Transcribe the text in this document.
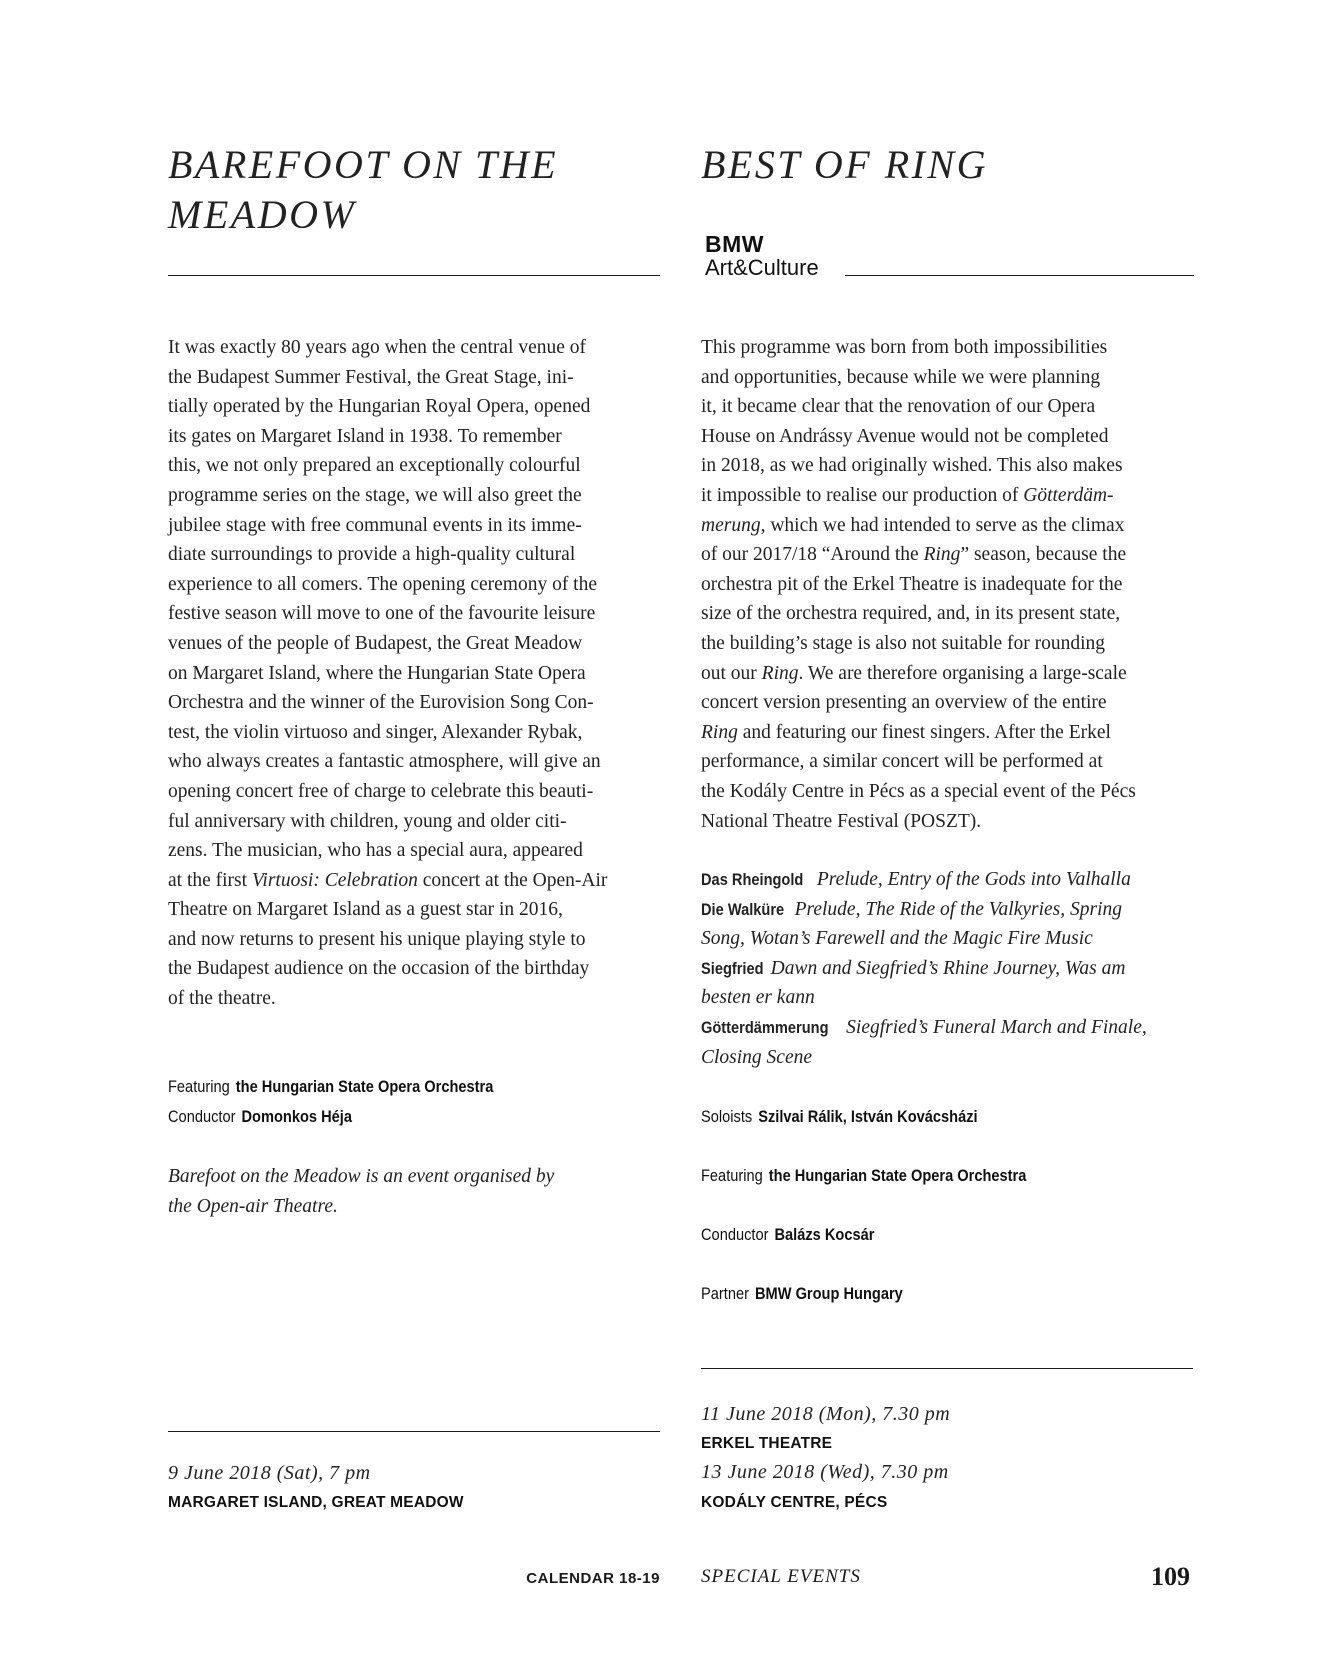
BAREFOOT ON THE
MEADOW
It was exactly 80 years ago when the central venue of
the Budapest Summer Festival, the Great Stage, ini-
tially operated by the Hungarian Royal Opera, opened
its gates on Margaret Island in 1938. To remember
this, we not only prepared an exceptionally colourful
programme series on the stage, we will also greet the
jubilee stage with free communal events in its imme-
diate surroundings to provide a high-quality cultural
experience to all comers. The opening ceremony of the
festive season will move to one of the favourite leisure
venues of the people of Budapest, the Great Meadow
on Margaret Island, where the Hungarian State Opera
Orchestra and the winner of the Eurovision Song Con-
test, the violin virtuoso and singer, Alexander Rybak,
who always creates a fantastic atmosphere, will give an
opening concert free of charge to celebrate this beauti-
ful anniversary with children, young and older citi-
zens. The musician, who has a special aura, appeared
at the first Virtuosi: Celebration concert at the Open-Air
Theatre on Margaret Island as a guest star in 2016,
and now returns to present his unique playing style to
the Budapest audience on the occasion of the birthday
of the theatre.
Featuring the Hungarian State Opera Orchestra
Conductor Domonkos Héja

Barefoot on the Meadow is an event organised by
the Open-air Theatre.

9 June 2018 (Sat), 7 pm
MARGARET ISLAND, GREAT MEADOW
BEST OF RING
BMW
Art&Culture
This programme was born from both impossibilities
and opportunities, because while we were planning
it, it became clear that the renovation of our Opera
House on Andrássy Avenue would not be completed
in 2018, as we had originally wished. This also makes
it impossible to realise our production of Götterdäm-
merung, which we had intended to serve as the climax
of our 2017/18 “Around the Ring” season, because the
orchestra pit of the Erkel Theatre is inadequate for the
size of the orchestra required, and, in its present state,
the building’s stage is also not suitable for rounding
out our Ring. We are therefore organising a large-scale
concert version presenting an overview of the entire
Ring and featuring our finest singers. After the Erkel
performance, a similar concert will be performed at
the Kodály Centre in Pécs as a special event of the Pécs
National Theatre Festival (POSZT).
Das Rheingold Prelude, Entry of the Gods into Valhalla
Die Walküre Prelude, The Ride of the Valkyries, Spring
Song, Wotan’s Farewell and the Magic Fire Music
Siegfried Dawn and Siegfried’s Rhine Journey, Was am
besten er kann
Götterdämmerung Siegfried’s Funeral March and Finale,
Closing Scene
Soloists Szilvai Rálik, István Kovácsházi
Featuring the Hungarian State Opera Orchestra
Conductor Balázs Kocsár
Partner BMW Group Hungary
11 June 2018 (Mon), 7.30 pm
ERKEL THEATRE
13 June 2018 (Wed), 7.30 pm
KODÁLY CENTRE, PÉCS
CALENDAR 18-19 SPECIAL EVENTS	109
